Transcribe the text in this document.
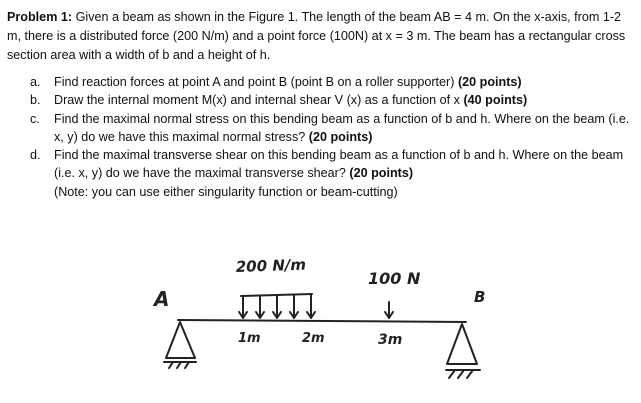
Problem 1: Given a beam as shown in the Figure 1. The length of the beam AB = 4 m. On the x-axis, from 1-2 m, there is a distributed force (200 N/m) and a point force (100N) at x = 3 m. The beam has a rectangular cross section area with a width of b and a height of h.

a. Find reaction forces at point A and point B (point B on a roller supporter) (20 points)
b. Draw the internal moment M(x) and internal shear V (x) as a function of x (40 points)
c. Find the maximal normal stress on this bending beam as a function of b and h. Where on the beam (i.e. x, y) do we have this maximal normal stress? (20 points)
d. Find the maximal transverse shear on this bending beam as a function of b and h. Where on the beam (i.e. x, y) do we have the maximal transverse shear? (20 points)
(Note: you can use either singularity function or beam-cutting)
A	B
200 N/m
100 N
1m	2m	3m
